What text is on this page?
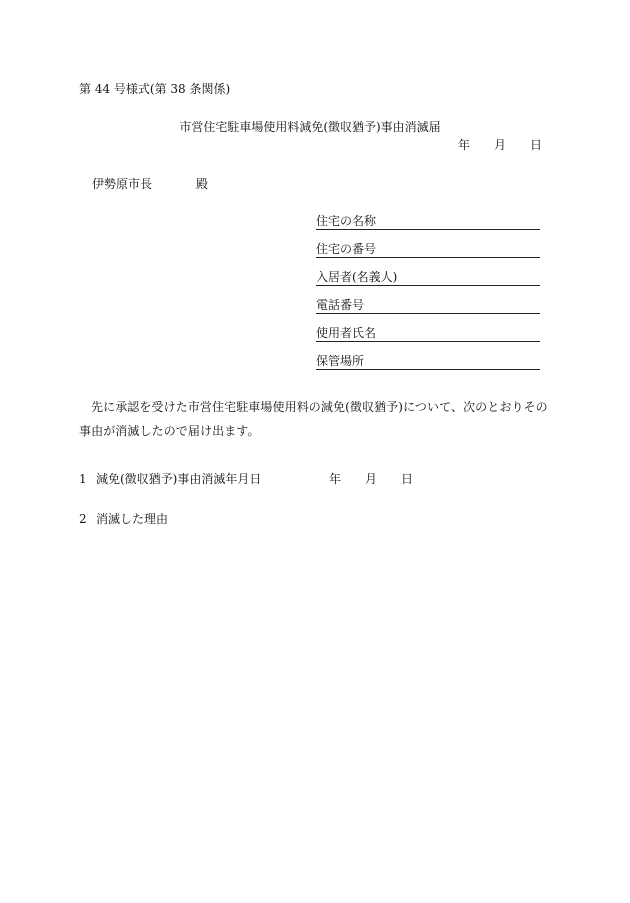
第 44 号様式(第 38 条関係)
市営住宅駐車場使用料減免(徴収猶予)事由消滅届
年 月 日
伊勢原市長	殿
住宅の名称
住宅の番号
入居者(名義人)
電話番号
使用者氏名
保管場所
先に承認を受けた市営住宅駐車場使用料の減免(徴収猶予)について、次のとおりその事由が消滅したので届け出ます。
1 減免(徴収猶予)事由消滅年月日	年 月 日
2 消滅した理由
